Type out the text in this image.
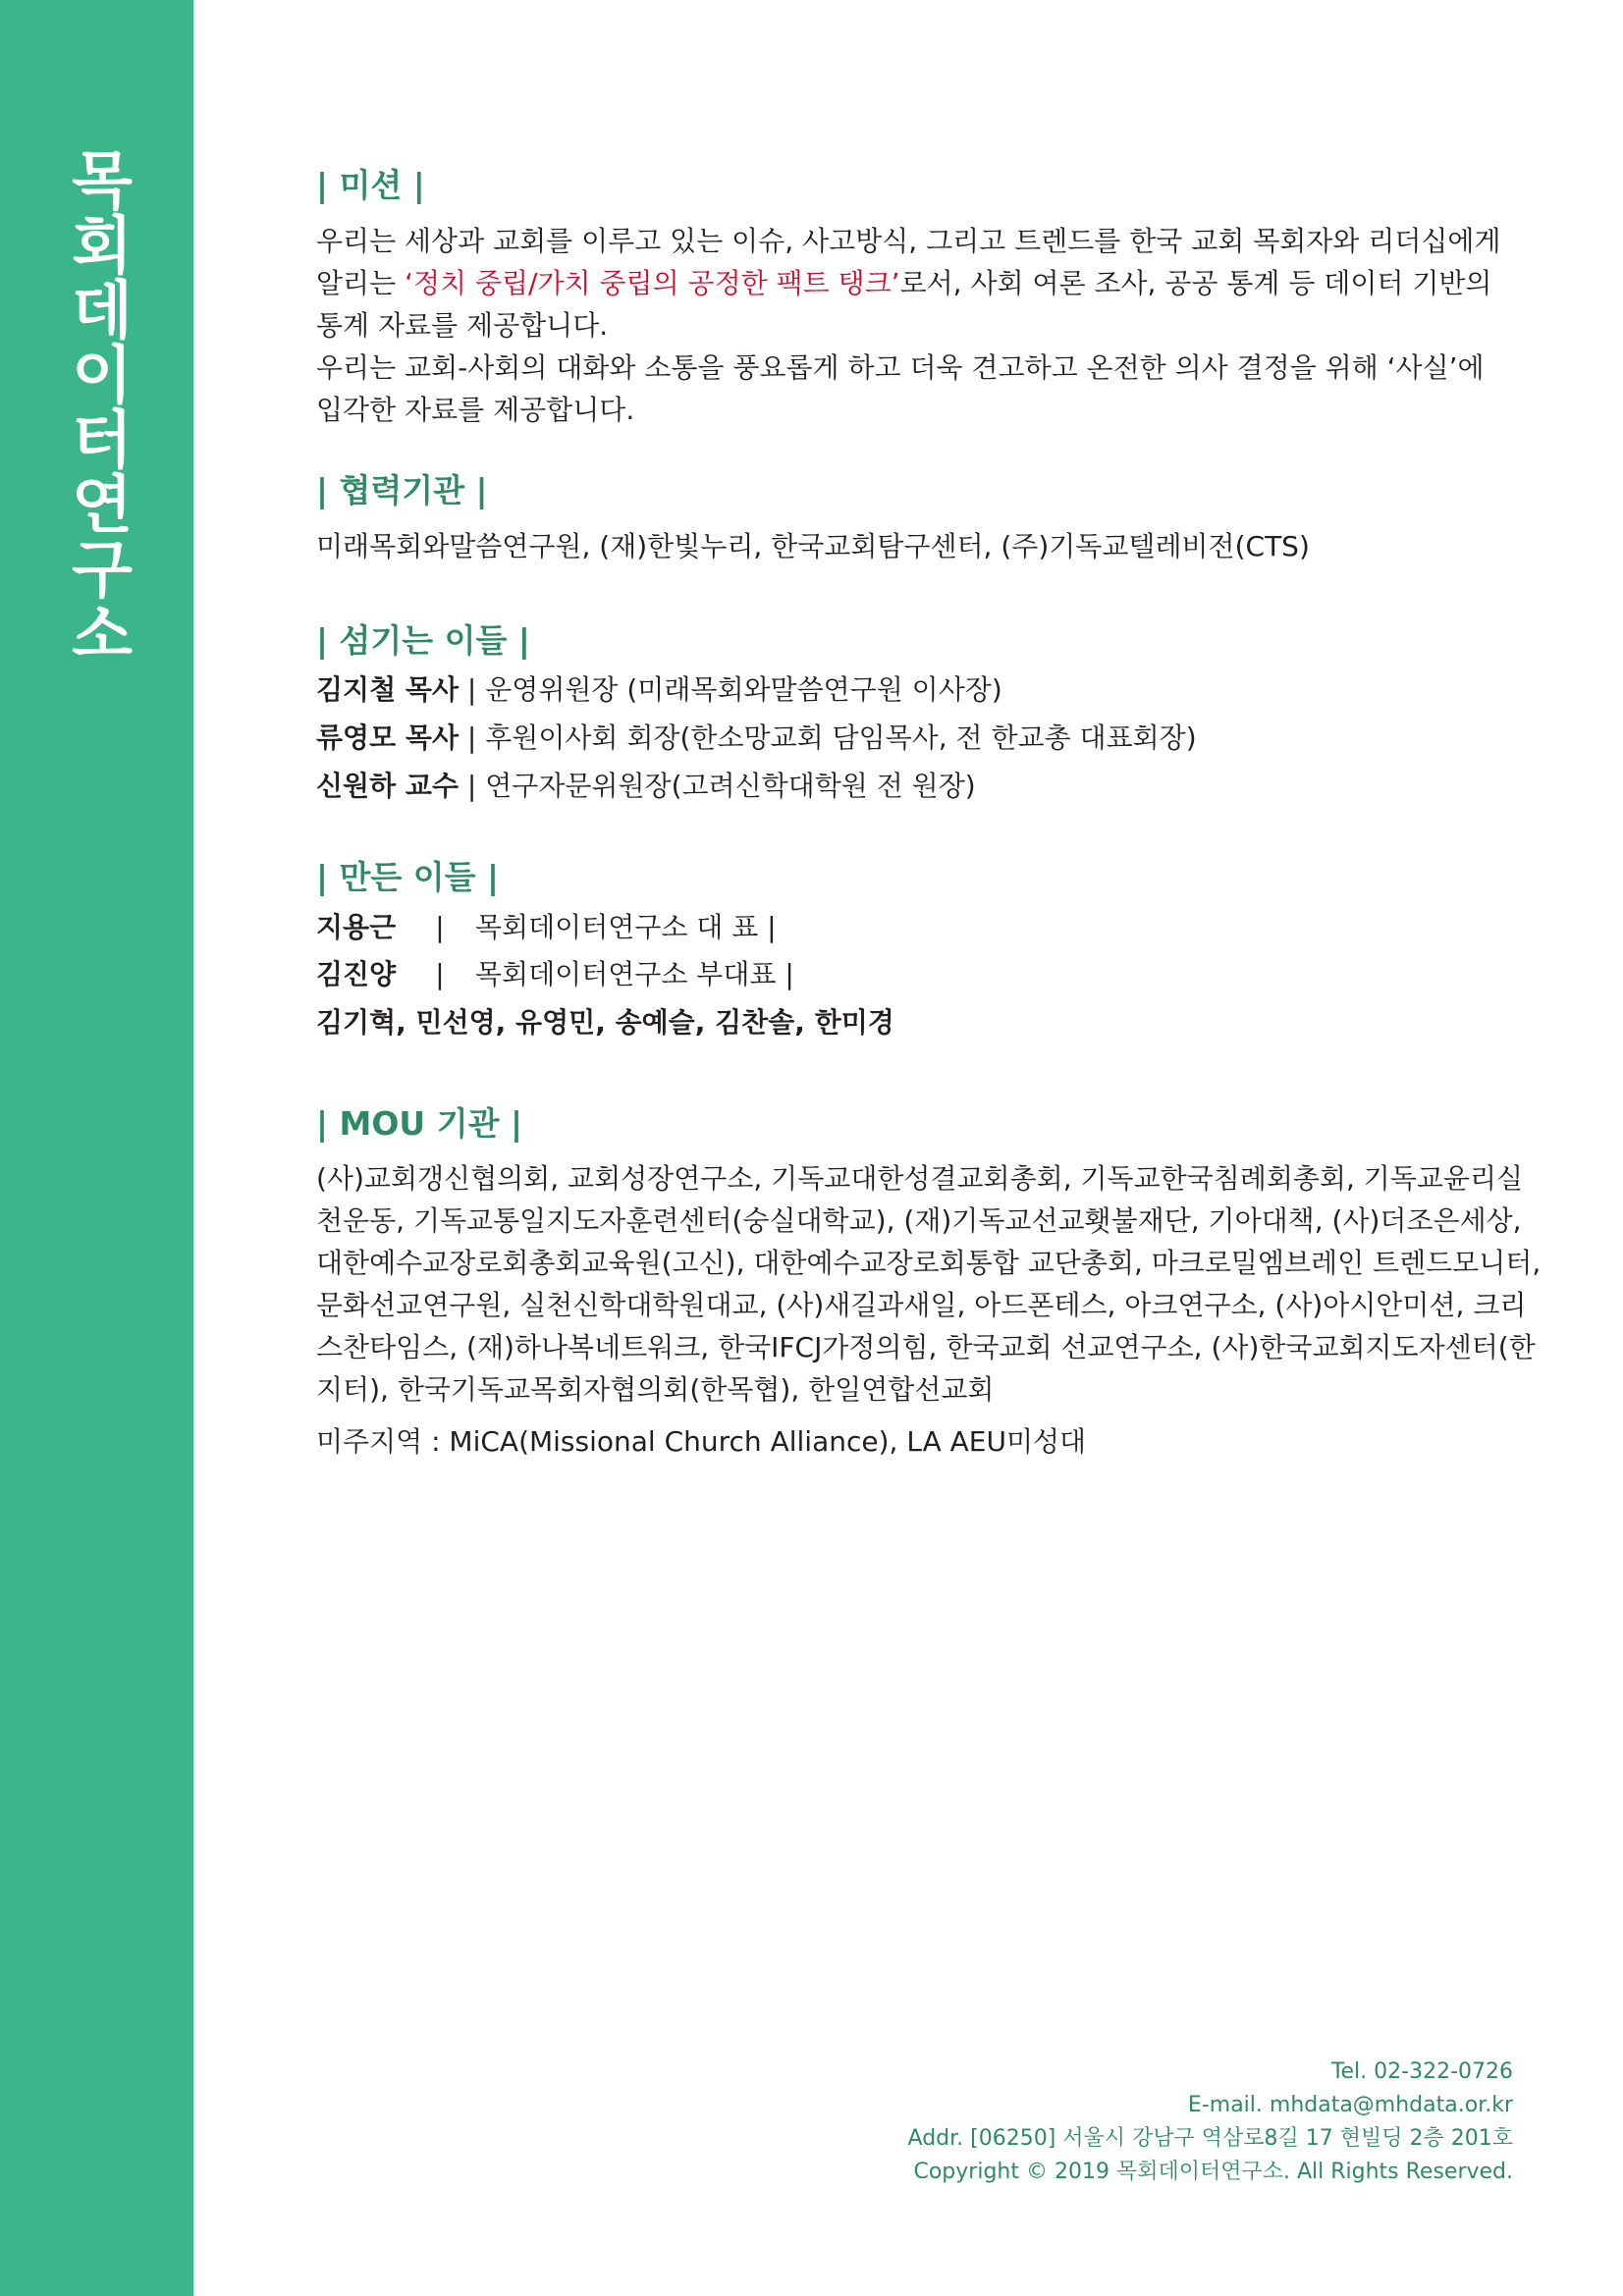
목회데이터연구소	| 미션 |
우리는 세상과 교회를 이루고 있는 이슈, 사고방식, 그리고 트렌드를 한국 교회 목회자와 리더십에게
알리는 ‘정치 중립/가치 중립의 공정한 팩트 탱크’로서, 사회 여론 조사, 공공 통계 등 데이터 기반의
통계 자료를 제공합니다.
우리는 교회-사회의 대화와 소통을 풍요롭게 하고 더욱 견고하고 온전한 의사 결정을 위해 ‘사실’에
입각한 자료를 제공합니다.
| 협력기관 |
미래목회와말씀연구원, (재)한빛누리, 한국교회탐구센터, (주)기독교텔레비전(CTS)
| 섬기는 이들 |
김지철 목사 | 운영위원장 (미래목회와말씀연구원 이사장)
류영모 목사 | 후원이사회 회장(한소망교회 담임목사, 전 한교총 대표회장)
신원하 교수 | 연구자문위원장(고려신학대학원 전 원장)
| 만든 이들 |
지용근 | 목회데이터연구소 대 표 |
김진양 | 목회데이터연구소 부대표 |
김기혁, 민선영, 유영민, 송예슬, 김찬솔, 한미경
| MOU 기관 |
(사)교회갱신협의회, 교회성장연구소, 기독교대한성결교회총회, 기독교한국침례회총회, 기독교윤리실
천운동, 기독교통일지도자훈련센터(숭실대학교), (재)기독교선교횃불재단, 기아대책, (사)더조은세상,
대한예수교장로회총회교육원(고신), 대한예수교장로회통합 교단총회, 마크로밀엠브레인 트렌드모니터,
문화선교연구원, 실천신학대학원대교, (사)새길과새일, 아드폰테스, 아크연구소, (사)아시안미션, 크리
스찬타임스, (재)하나복네트워크, 한국IFCJ가정의힘, 한국교회 선교연구소, (사)한국교회지도자센터(한
지터), 한국기독교목회자협의회(한목협), 한일연합선교회
미주지역 : MiCA(Missional Church Alliance), LA AEU미성대
Tel. 02-322-0726
E-mail. mhdata@mhdata.or.kr
Addr. [06250] 서울시 강남구 역삼로8길 17 현빌딩 2층 201호
Copyright © 2019 목회데이터연구소. All Rights Reserved.
